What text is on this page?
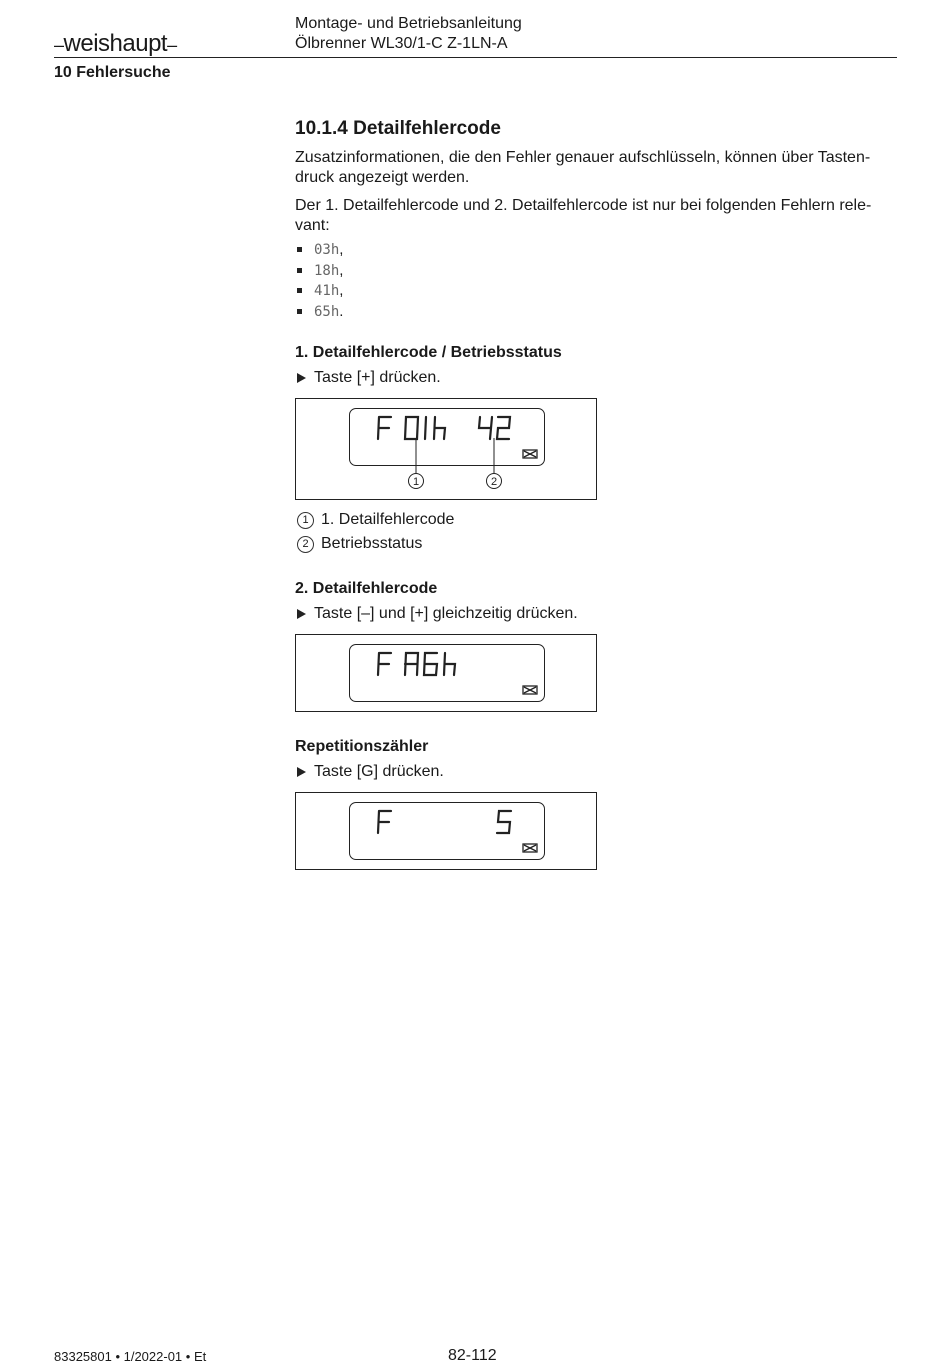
–weishaupt–
Montage- und Betriebsanleitung
Ölbrenner WL30/1-C Z-1LN-A
10 Fehlersuche
10.1.4 Detailfehlercode

Zusatzinformationen, die den Fehler genauer aufschlüsseln, können über Tasten-druck angezeigt werden.

Der 1. Detailfehlercode und 2. Detailfehlercode ist nur bei folgenden Fehlern rele-vant:

03h,
18h,
41h,
65h.
1. Detailfehlercode / Betriebsstatus

Taste [+] drücken.

1	2

1 1. Detailfehlercode

2 Betriebsstatus

2. Detailfehlercode

Taste [–] und [+] gleichzeitig drücken.

Repetitionszähler

Taste [G] drücken.

83325801 • 1/2022-01 • Et	82-112
